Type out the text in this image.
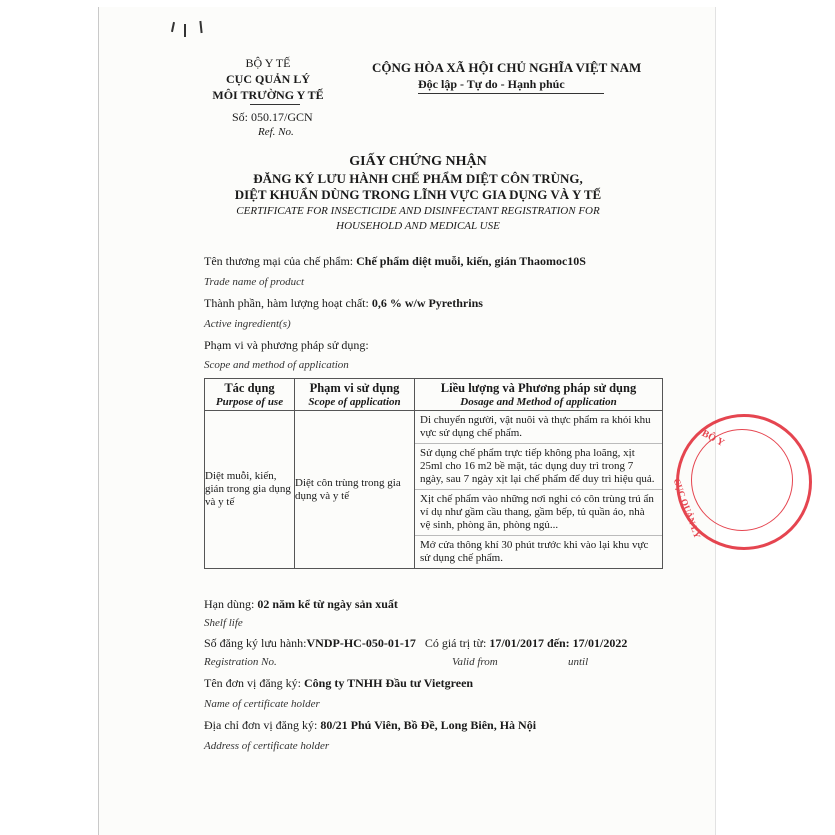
BỘ Y TẾ
CỤC QUẢN LÝ
MÔI TRƯỜNG Y TẾ
Số: 050.17/GCN
Ref. No.
CỘNG HÒA XÃ HỘI CHỦ NGHĨA VIỆT NAM
Độc lập - Tự do - Hạnh phúc
GIẤY CHỨNG NHẬN
ĐĂNG KÝ LƯU HÀNH CHẾ PHẨM DIỆT CÔN TRÙNG,
DIỆT KHUẨN DÙNG TRONG LĨNH VỰC GIA DỤNG VÀ Y TẾ
CERTIFICATE FOR INSECTICIDE AND DISINFECTANT REGISTRATION FOR
HOUSEHOLD AND MEDICAL USE
Tên thương mại của chế phẩm: Chế phẩm diệt muỗi, kiến, gián Thaomoc10S
Trade name of product
Thành phần, hàm lượng hoạt chất: 0,6 % w/w Pyrethrins
Active ingredient(s)
Phạm vi và phương pháp sử dụng:
Scope and method of application
Tác dụng
Purpose of use	Phạm vi sử dụng
Scope of application	Liều lượng và Phương pháp sử dụng
Dosage and Method of application

Diệt muỗi, kiến, gián trong gia dụng và y tế	Diệt côn trùng trong gia dụng và y tế	Di chuyển người, vật nuôi và thực phẩm ra khỏi khu vực sử dụng chế phẩm.
Sử dụng chế phẩm trực tiếp không pha loãng, xịt 25ml cho 16 m2 bề mặt, tác dụng duy trì trong 7 ngày, sau 7 ngày xịt lại chế phẩm để duy trì hiệu quả.
Xịt chế phẩm vào những nơi nghi có côn trùng trú ẩn ví dụ như gầm cầu thang, gầm bếp, tủ quần áo, nhà vệ sinh, phòng ăn, phòng ngủ...
Mở cửa thông khí 30 phút trước khi vào lại khu vực sử dụng chế phẩm.
Hạn dùng: 02 năm kể từ ngày sản xuất
Shelf life
Số đăng ký lưu hành:VNDP-HC-050-01-17 Có giá trị từ: 17/01/2017 đến: 17/01/2022
Registration No.	Valid from	until
Tên đơn vị đăng ký: Công ty TNHH Đầu tư Vietgreen
Name of certificate holder
Địa chỉ đơn vị đăng ký: 80/21 Phú Viên, Bồ Đề, Long Biên, Hà Nội
Address of certificate holder
BỘ Y
CỤC QUẢN LÝ
